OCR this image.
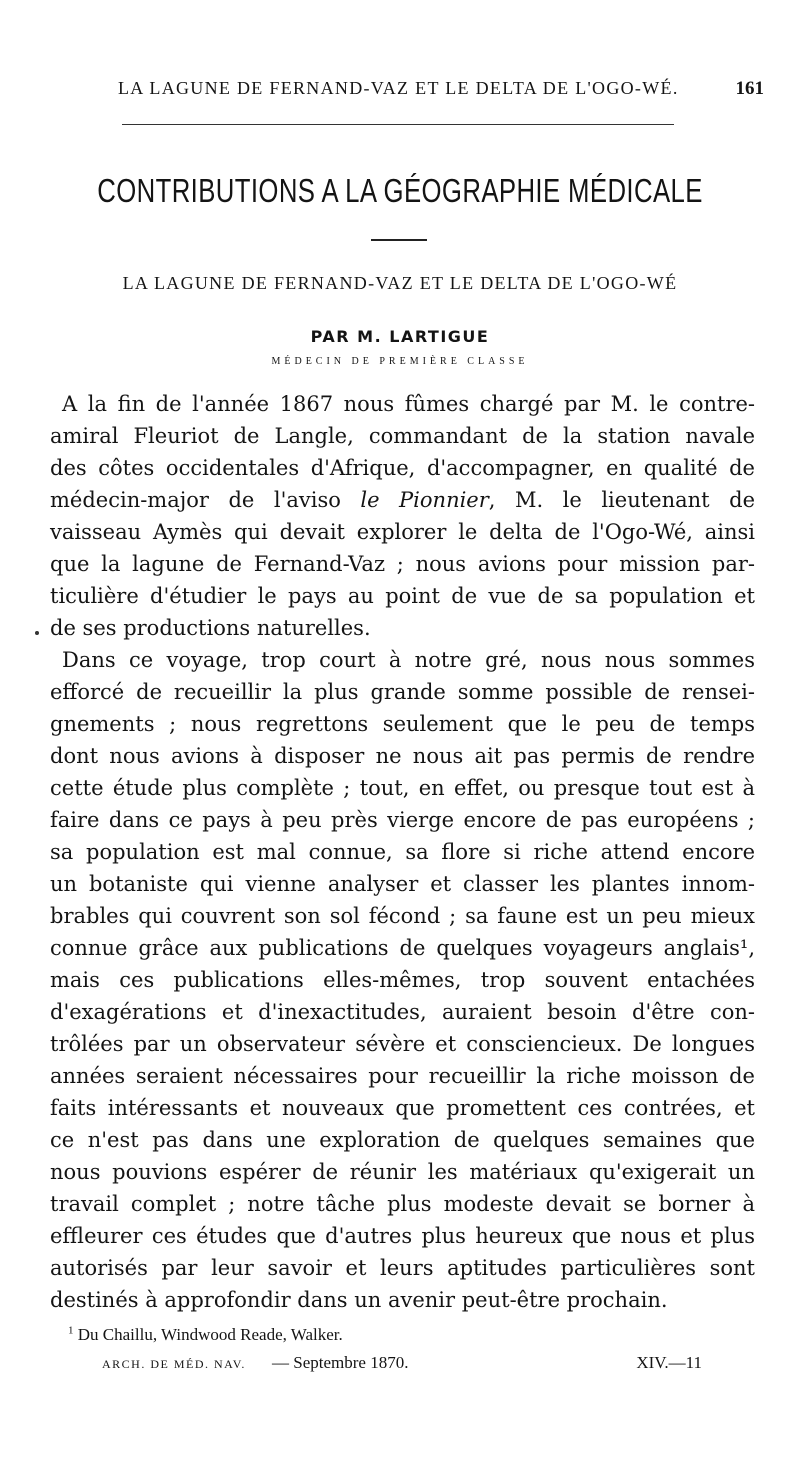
LA LAGUNE DE FERNAND-VAZ ET LE DELTA DE L'OGO-WÉ.	161
CONTRIBUTIONS A LA GÉOGRAPHIE MÉDICALE
LA LAGUNE DE FERNAND-VAZ ET LE DELTA DE L'OGO-WÉ
PAR M. LARTIGUE
MÉDECIN DE PREMIÈRE CLASSE
A la fin de l'année 1867 nous fûmes chargé par M. le contre-
amiral Fleuriot de Langle, commandant de la station navale
des côtes occidentales d'Afrique, d'accompagner, en qualité de
médecin-major de l'aviso le Pionnier, M. le lieutenant de
vaisseau Aymès qui devait explorer le delta de l'Ogo-Wé, ainsi
que la lagune de Fernand-Vaz ; nous avions pour mission par-
ticulière d'étudier le pays au point de vue de sa population et
de ses productions naturelles.
Dans ce voyage, trop court à notre gré, nous nous sommes
efforcé de recueillir la plus grande somme possible de rensei-
gnements ; nous regrettons seulement que le peu de temps
dont nous avions à disposer ne nous ait pas permis de rendre
cette étude plus complète ; tout, en effet, ou presque tout est à
faire dans ce pays à peu près vierge encore de pas européens ;
sa population est mal connue, sa flore si riche attend encore
un botaniste qui vienne analyser et classer les plantes innom-
brables qui couvrent son sol fécond ; sa faune est un peu mieux
connue grâce aux publications de quelques voyageurs anglais¹,
mais ces publications elles-mêmes, trop souvent entachées
d'exagérations et d'inexactitudes, auraient besoin d'être con-
trôlées par un observateur sévère et consciencieux. De longues
années seraient nécessaires pour recueillir la riche moisson de
faits intéressants et nouveaux que promettent ces contrées, et
ce n'est pas dans une exploration de quelques semaines que
nous pouvions espérer de réunir les matériaux qu'exigerait un
travail complet ; notre tâche plus modeste devait se borner à
effleurer ces études que d'autres plus heureux que nous et plus
autorisés par leur savoir et leurs aptitudes particulières sont
destinés à approfondir dans un avenir peut-être prochain.
$^1$ Du Chaillu, Windwood Reade, Walker.
ARCH. DE MÉD. NAV. — Septembre 1870.	XIV.—11
